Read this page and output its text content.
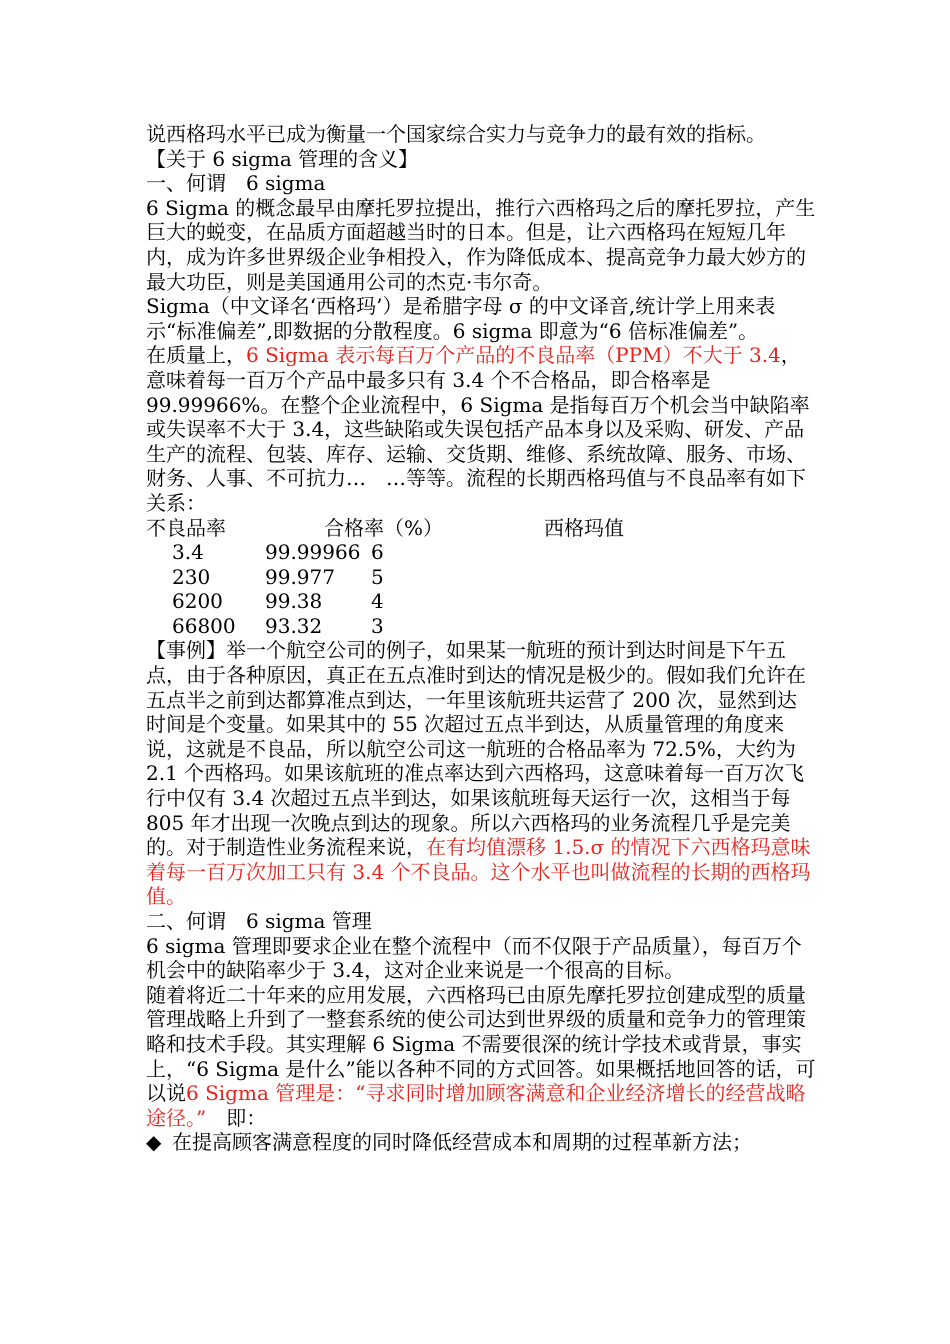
说西格玛水平已成为衡量一个国家综合实力与竞争力的最有效的指标。

【关于 6 sigma 管理的含义】

一、何谓　6 sigma

6 Sigma 的概念最早由摩托罗拉提出，推行六西格玛之后的摩托罗拉，产生巨大的蜕变，在品质方面超越当时的日本。但是，让六西格玛在短短几年内，成为许多世界级企业争相投入，作为降低成本、提高竞争力最大妙方的最大功臣，则是美国通用公司的杰克·韦尔奇。

Sigma（中文译名‘西格玛’）是希腊字母 σ 的中文译音,统计学上用来表示“标准偏差”,即数据的分散程度。6 sigma 即意为“6 倍标准偏差”。

在质量上，6 Sigma 表示每百万个产品的不良品率（PPM）不大于 3.4，意味着每一百万个产品中最多只有 3.4 个不合格品，即合格率是 99.99966%。在整个企业流程中，6 Sigma 是指每百万个机会当中缺陷率或失误率不大于 3.4，这些缺陷或失误包括产品本身以及采购、研发、产品生产的流程、包装、库存、运输、交货期、维修、系统故障、服务、市场、财务、人事、不可抗力…　…等等。流程的长期西格玛值与不良品率有如下关系：

不良品率	合格率（%）	西格玛值
3.4	99.99966 6
230	99.977	5
6200	99.38	4
66800	93.32	3

【事例】举一个航空公司的例子，如果某一航班的预计到达时间是下午五点，由于各种原因，真正在五点准时到达的情况是极少的。假如我们允许在五点半之前到达都算准点到达，一年里该航班共运营了 200 次，显然到达时间是个变量。如果其中的 55 次超过五点半到达，从质量管理的角度来说，这就是不良品，所以航空公司这一航班的合格品率为 72.5%，大约为 2.1 个西格玛。如果该航班的准点率达到六西格玛，这意味着每一百万次飞行中仅有 3.4 次超过五点半到达，如果该航班每天运行一次，这相当于每 805 年才出现一次晚点到达的现象。所以六西格玛的业务流程几乎是完美的。对于制造性业务流程来说，在有均值漂移 1.5.σ 的情况下六西格玛意味着每一百万次加工只有 3.4 个不良品。这个水平也叫做流程的长期的西格玛值。

二、何谓　6 sigma 管理

6 sigma 管理即要求企业在整个流程中（而不仅限于产品质量），每百万个机会中的缺陷率少于 3.4，这对企业来说是一个很高的目标。

随着将近二十年来的应用发展，六西格玛已由原先摩托罗拉创建成型的质量管理战略上升到了一整套系统的使公司达到世界级的质量和竞争力的管理策略和技术手段。其实理解 6 Sigma 不需要很深的统计学技术或背景，事实上，“6 Sigma 是什么”能以各种不同的方式回答。如果概括地回答的话，可以说6 Sigma 管理是：“寻求同时增加顾客满意和企业经济增长的经营战略途径。”　即：

◆ 在提高顾客满意程度的同时降低经营成本和周期的过程革新方法；
